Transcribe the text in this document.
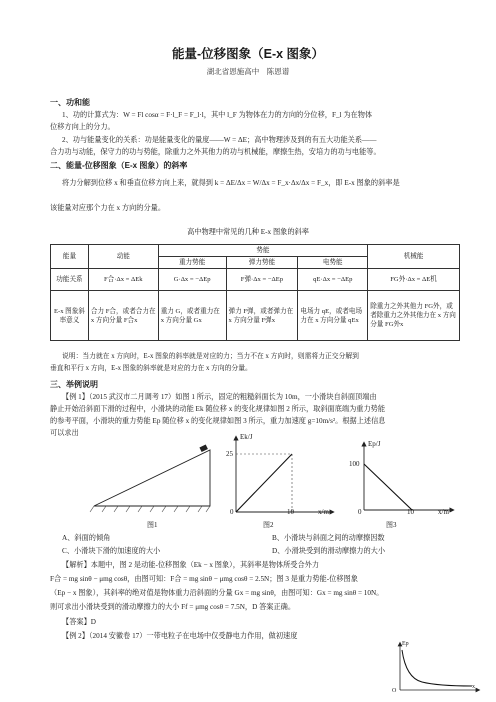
能量-位移图象（E-x 图象）
湖北省恩施高中　陈恩谱
一、功和能
1、功的计算式为：W = Fl cosα = F·l_F = F_l·l，其中 l_F 为物体在力的方向的分位移，F_l 为在物体
位移方向上的分力。
2、功与能量变化的关系：功是能量变化的量度——W = ΔE；高中物理涉及到的有五大功能关系——
合力功与动能，保守力的功与势能，除重力之外其他力的功与机械能，摩擦生热，安培力的功与电能等。
二、能量-位移图象（E-x 图象）的斜率
将力分解到位移 x 和垂直位移方向上来，就得到 k = ΔE/Δx = W/Δx = F_x·Δx/Δx = F_x，即 E-x 图象的斜率是
该能量对应那个力在 x 方向的分量。
高中物理中常见的几种 E-x 图象的斜率
能量	动能	势能			机械能
		重力势能	弹力势能	电势能	
功能关系	F合·Δx = ΔEk	G·Δx = −ΔEp	F弹·Δx = −ΔEp	qE·Δx = −ΔEp	FG外·Δx = ΔE机
E-x 图象斜率意义	合力 F合，或者合力在 x 方向分量 F合x	重力 G，或者重力在 x 方向分量 Gx	弹力 F弹，或者弹力在 x 方向分量 F弹x	电场力 qE，或者电场力在 x 方向分量 qEx	除重力之外其他力 FG外，或者除重力之外其他力在 x 方向分量 FG外x
说明：当力就在 x 方向时，E-x 图象的斜率就是对应的力；当力不在 x 方向时，则需将力正交分解到
垂直和平行 x 方向，E-x 图象的斜率就是对应的力在 x 方向的分量。
三、举例说明
【例 1】（2015 武汉市二月调考 17）如图 1 所示，固定的粗糙斜面长为 10m，一小滑块自斜面顶端由
静止开始沿斜面下滑的过程中，小滑块的动能 Ek 随位移 x 的变化规律如图 2 所示，取斜面底端为重力势能
的参考平面，小滑块的重力势能 Ep 随位移 x 的变化规律如图 3 所示，重力加速度 g=10m/s²。根据上述信息
可以求出
图1
Ek/J
25
0	10	x/m
图2
Ep/J
100
0	10	x/m
图3
A、斜面的倾角	B、小滑块与斜面之间的动摩擦因数
C、小滑块下滑的加速度的大小	D、小滑块受到的滑动摩擦力的大小
【解析】本题中，图 2 是动能-位移图象（Ek − x 图象），其斜率是物体所受合外力
F合 = mg sinθ − μmg cosθ，由图可知：F合 = mg sinθ − μmg cosθ = 2.5N；图 3 是重力势能-位移图象
（Ep − x 图象），其斜率的绝对值是物体重力沿斜面的分量 Gx = mg sinθ，由图可知：Gx = mg sinθ = 10N。
则可求出小滑块受到的滑动摩擦力的大小 Ff = μmg cosθ = 7.5N，D 答案正确。
【答案】D
【例 2】（2014 安徽卷 17）一带电粒子在电场中仅受静电力作用，做初速度
Ep
x
O
